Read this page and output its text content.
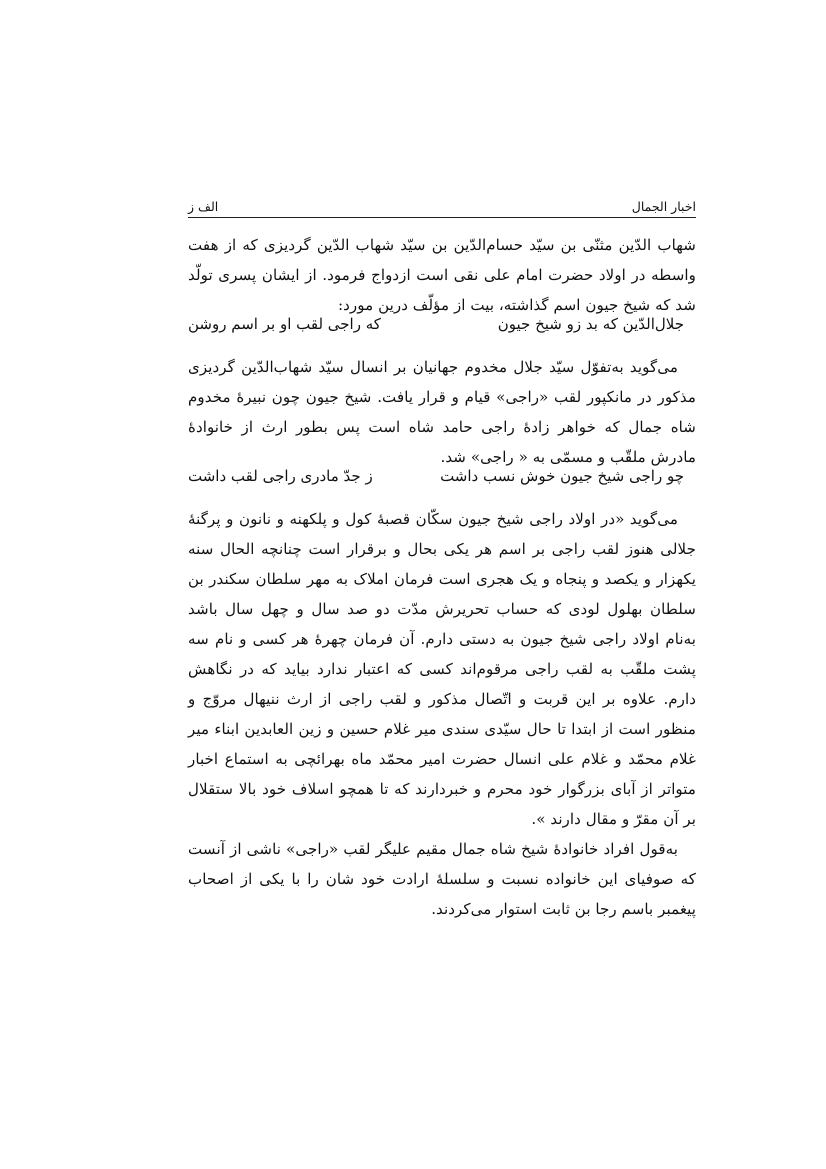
اخبار الجمال
الف ز

شهاب الدّین مثنّی بن سیّد حسام‌الدّین بن سیّد شهاب الدّین گردیزی که از هفت واسطه در اولاد حضرت امام علی نقی است ازدواج فرمود. از ایشان پسری تولّد شد که شیخ جیون اسم گذاشته، بیت از مؤلّف درین مورد:

جلال‌الدّین که بد زو شیخ جیون
که راجی لقب او بر اسم روشن

می‌گوید به‌تفوّل سیّد جلال مخدوم جهانیان بر انسال سیّد شهاب‌الدّین گردیزی مذکور در مانکپور لقب «راجی» قیام و قرار یافت. شیخ جیون چون نبیرهٔ مخدوم شاه جمال که خواهر زادهٔ راجی حامد شاه است پس بطور ارث از خانوادهٔ مادرش ملقّب و مسمّی به « راجی» شد.

چو راجی شیخ جیون خوش نسب داشت
ز جدّ مادری راجی لقب داشت

می‌گوید «در اولاد راجی شیخ جیون سکّان قصبهٔ کول و پلکهنه و نانون و پرگنهٔ جلالی هنوز لقب راجی بر اسم هر یکی بحال و برقرار است چنانچه الحال سنه یکهزار و یکصد و پنجاه و یک هجری است فرمان املاک به مهر سلطان سکندر بن سلطان بهلول لودی که حساب تحریرش مدّت دو صد سال و چهل سال باشد به‌نام اولاد راجی شیخ جیون به دستی دارم. آن فرمان چهرهٔ هر کسی و نام سه پشت ملقّب به لقب راجی مرقوم‌اند کسی که اعتبار ندارد بیاید که در نگاهش دارم. علاوه بر این قربت و اتّصال مذکور و لقب راجی از ارث ننیهال مروّج و منظور است از ابتدا تا حال سیّدی سندی میر غلام حسین و زین العابدین ابناء میر غلام محمّد و غلام علی انسال حضرت امیر محمّد ماه بهرائچی به استماع اخبار متواتر از آبای بزرگوار خود محرم و خبردارند که تا همچو اسلاف خود بالا ستقلال بر آن مقرّ و مقال دارند ».

به‌قول افراد خانوادهٔ شیخ شاه جمال مقیم علیگر لقب «راجی» ناشی از آنست که صوفیای این خانواده نسبت و سلسلهٔ ارادت خود شان را با یکی از اصحاب پیغمبر باسم رجا بن ثابت استوار می‌کردند.
